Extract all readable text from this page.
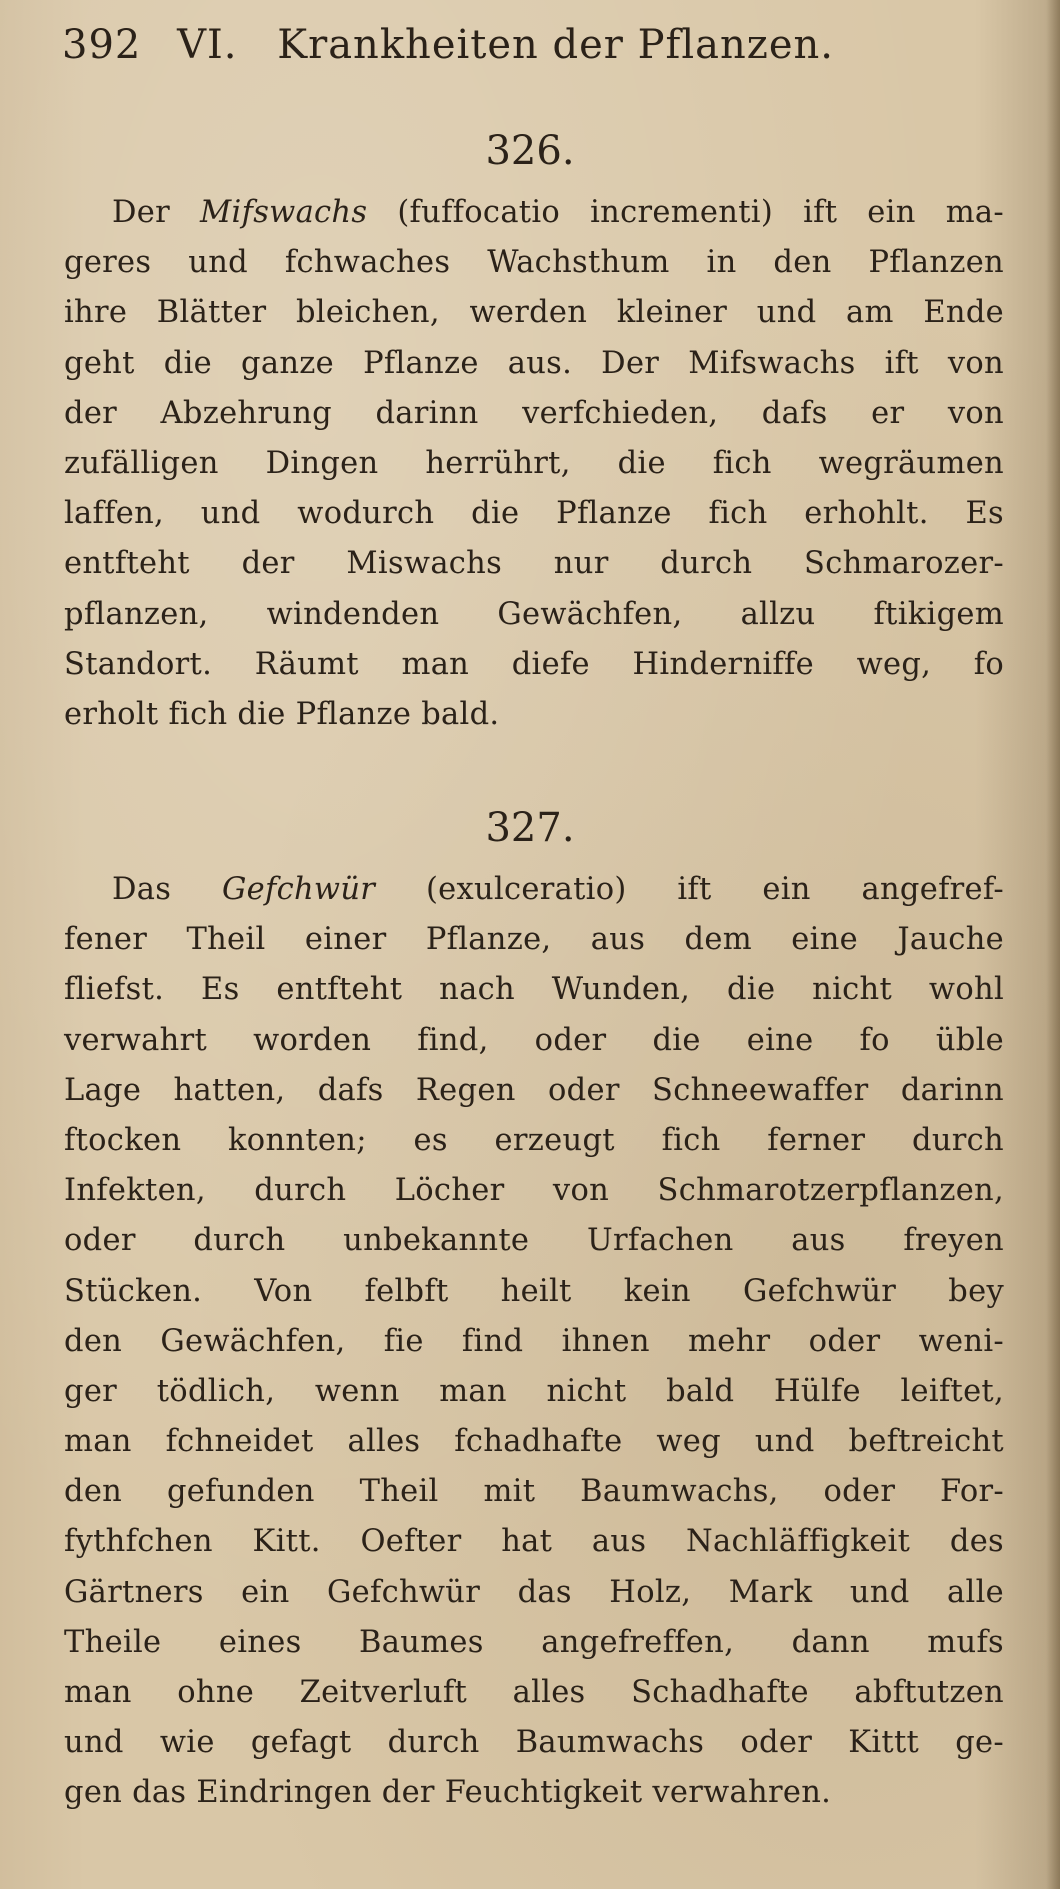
392 VI. Krankheiten der Pflanzen.
326.
Der Mifswachs (fuffocatio incrementi) ift ein ma-
geres und fchwaches Wachsthum in den Pflanzen
ihre Blätter bleichen, werden kleiner und am Ende
geht die ganze Pflanze aus. Der Mifswachs ift von
der Abzehrung darinn verfchieden, dafs er von
zufälligen Dingen herrührt, die fich wegräumen
laffen, und wodurch die Pflanze fich erhohlt. Es
entfteht der Miswachs nur durch Schmarozer-
pflanzen, windenden Gewächfen, allzu ftikigem
Standort. Räumt man diefe Hinderniffe weg, fo
erholt fich die Pflanze bald.
327.
Das Gefchwür (exulceratio) ift ein angefref-
fener Theil einer Pflanze, aus dem eine Jauche
fliefst. Es entfteht nach Wunden, die nicht wohl
verwahrt worden find, oder die eine fo üble
Lage hatten, dafs Regen oder Schneewaffer darinn
ftocken konnten; es erzeugt fich ferner durch
Infekten, durch Löcher von Schmarotzerpflanzen,
oder durch unbekannte Urfachen aus freyen
Stücken. Von felbft heilt kein Gefchwür bey
den Gewächfen, fie find ihnen mehr oder weni-
ger tödlich, wenn man nicht bald Hülfe leiftet,
man fchneidet alles fchadhafte weg und beftreicht
den gefunden Theil mit Baumwachs, oder For-
fythfchen Kitt. Oefter hat aus Nachläffigkeit des
Gärtners ein Gefchwür das Holz, Mark und alle
Theile eines Baumes angefreffen, dann mufs
man ohne Zeitverluft alles Schadhafte abftutzen
und wie gefagt durch Baumwachs oder Kittt ge-
gen das Eindringen der Feuchtigkeit verwahren.
